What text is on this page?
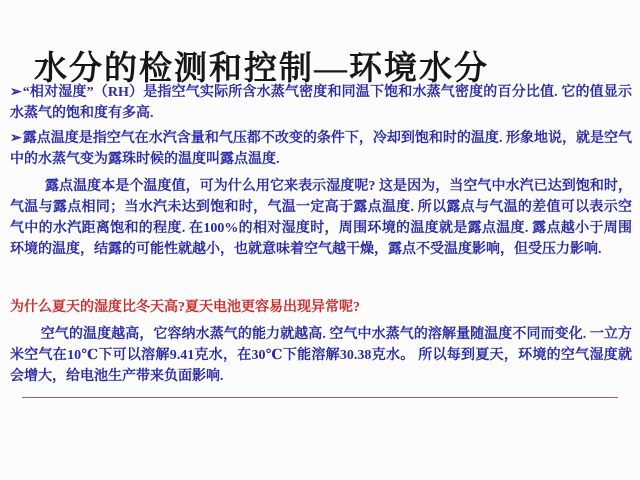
水分的检测和控制—环境水分

➢“相对湿度”（RH）是指空气实际所含水蒸气密度和同温下饱和水蒸气密度的百分比值. 它的值显示水蒸气的饱和度有多高.

➢露点温度是指空气在水汽含量和气压都不改变的条件下，冷却到饱和时的温度. 形象地说，就是空气中的水蒸气变为露珠时候的温度叫露点温度.

露点温度本是个温度值，可为什么用它来表示湿度呢? 这是因为，当空气中水汽已达到饱和时，气温与露点相同；当水汽未达到饱和时，气温一定高于露点温度. 所以露点与气温的差值可以表示空气中的水汽距离饱和的程度. 在100%的相对湿度时，周围环境的温度就是露点温度. 露点越小于周围环境的温度，结露的可能性就越小，也就意味着空气越干燥，露点不受温度影响，但受压力影响.

为什么夏天的湿度比冬天高?夏天电池更容易出现异常呢?

空气的温度越高，它容纳水蒸气的能力就越高. 空气中水蒸气的溶解量随温度不同而变化. 一立方米空气在10℃下可以溶解9.41克水，在30℃下能溶解30.38克水。 所以每到夏天，环境的空气湿度就会增大，给电池生产带来负面影响.
